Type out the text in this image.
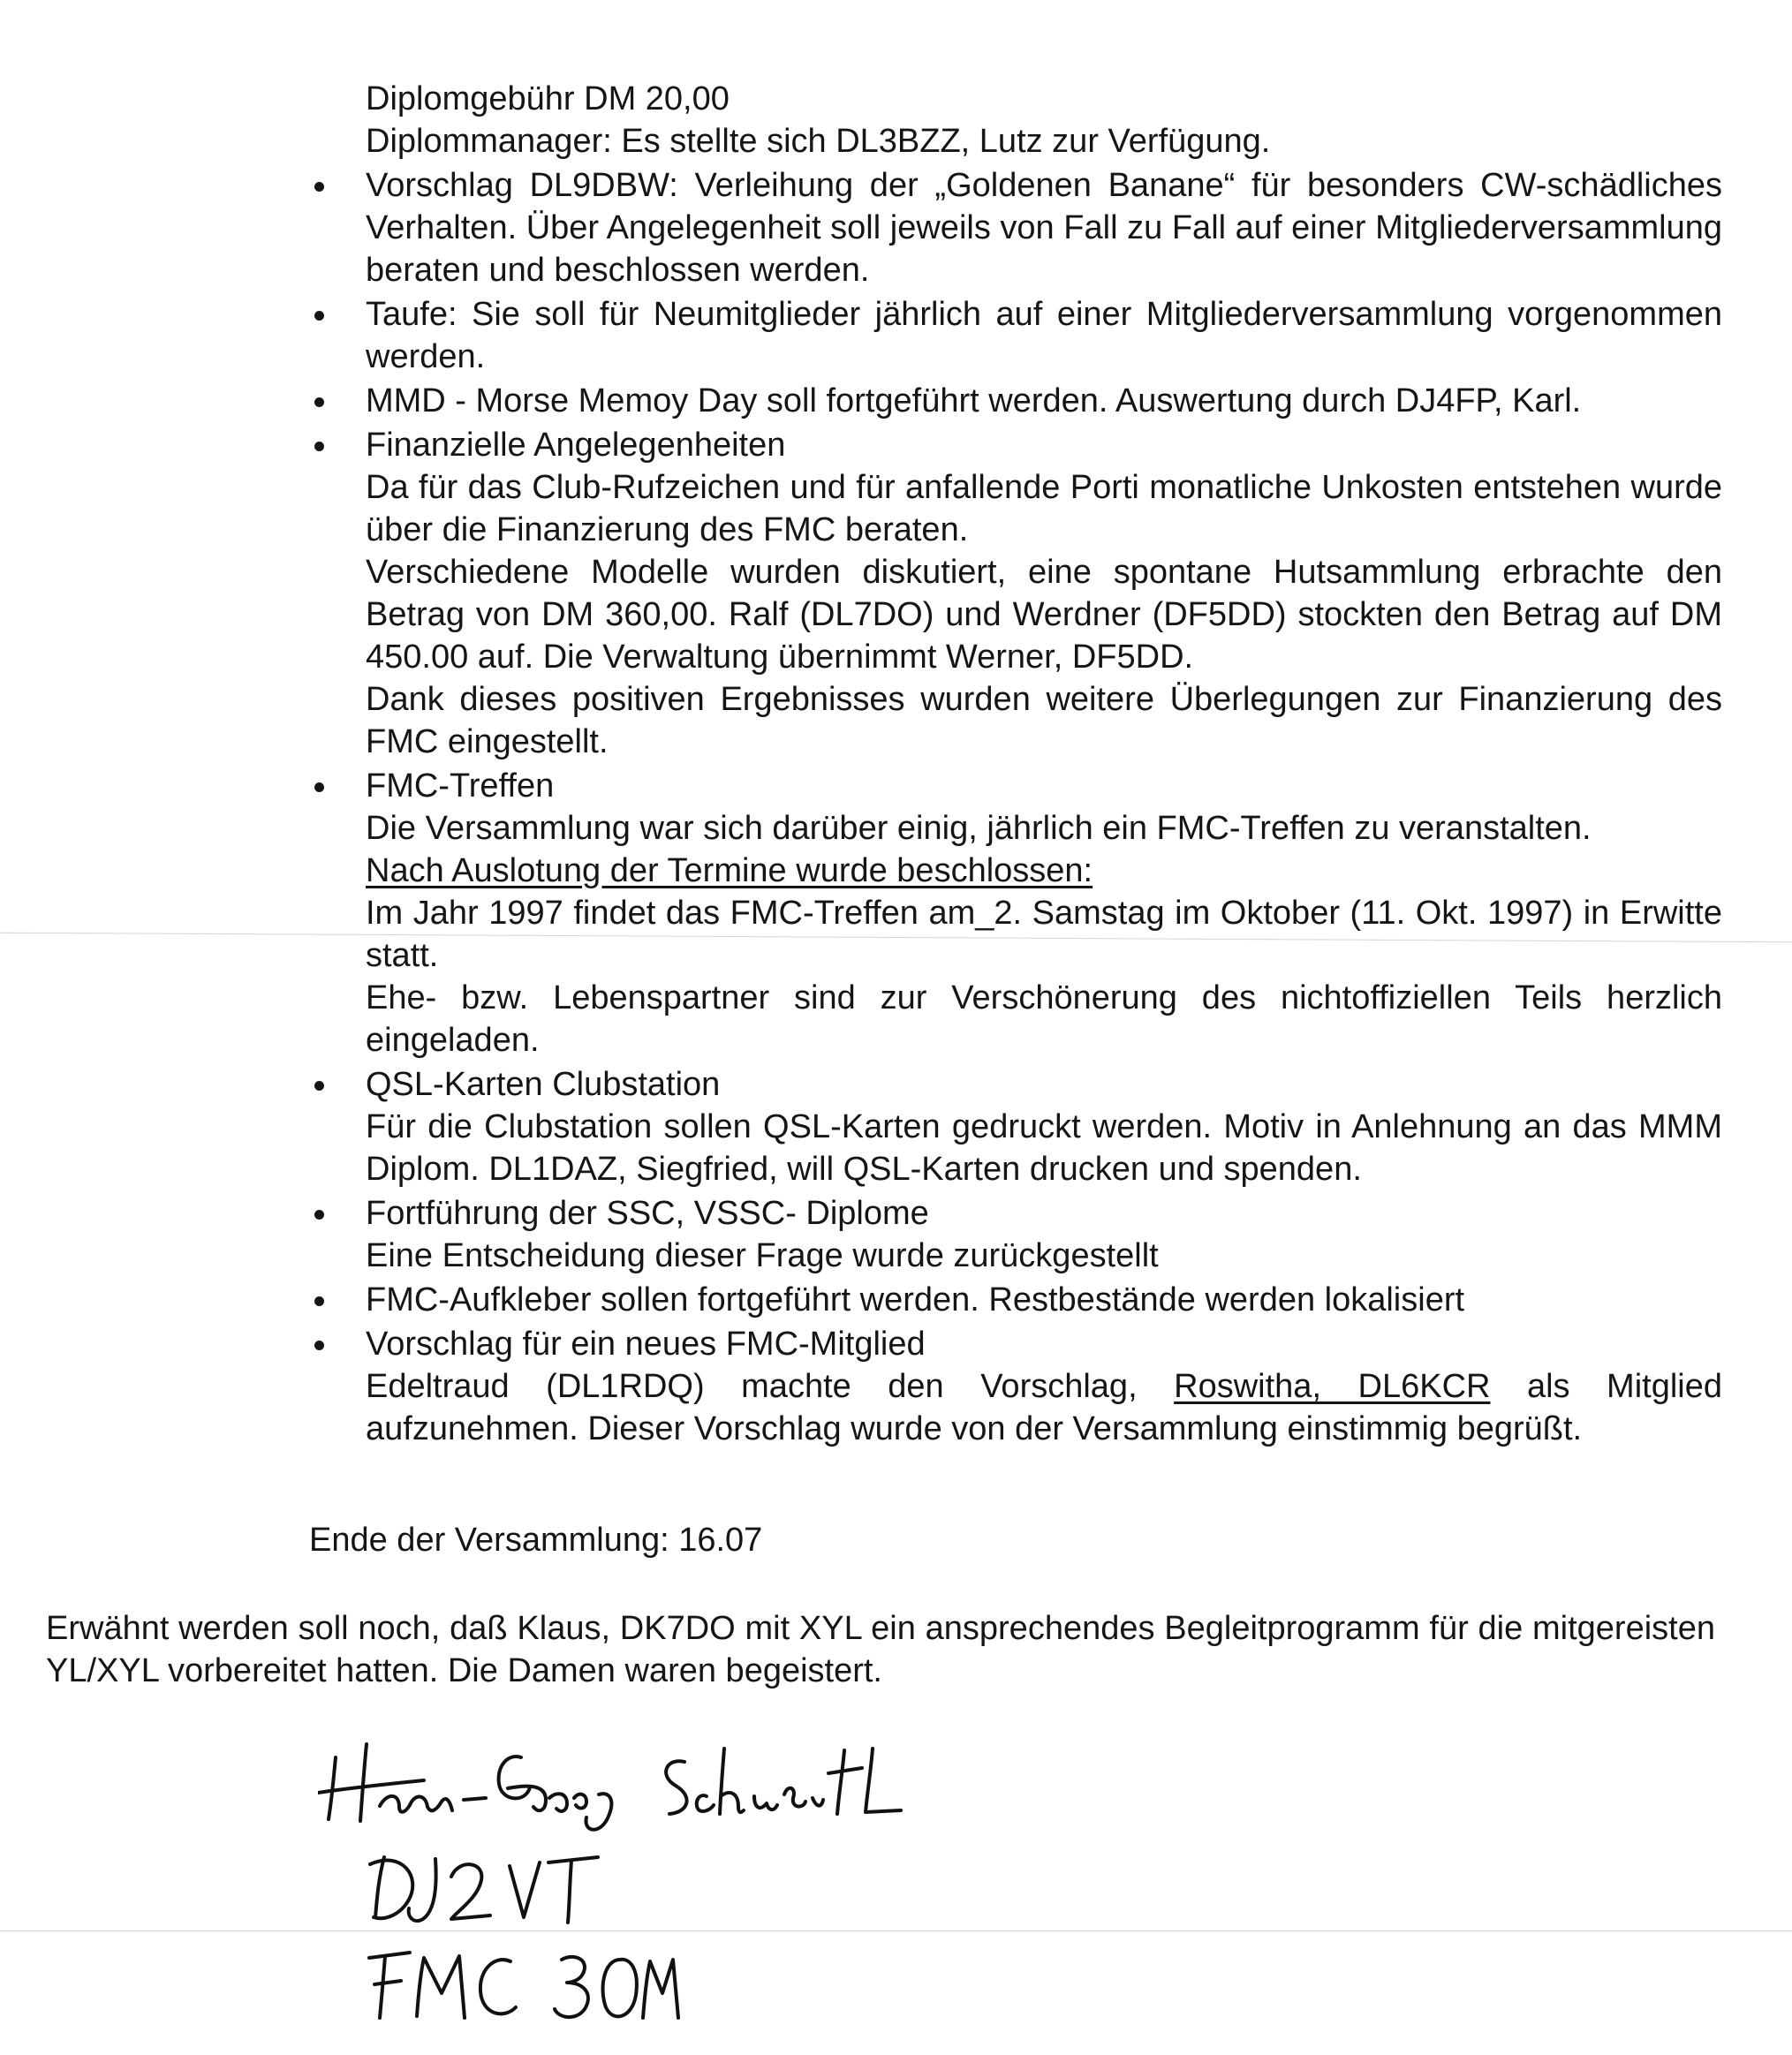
Diplomgebühr DM 20,00

Diplommanager: Es stellte sich DL3BZZ, Lutz zur Verfügung.

Vorschlag DL9DBW: Verleihung der „Goldenen Banane“ für besonders CW-schädliches Verhalten. Über Angelegenheit soll jeweils von Fall zu Fall auf einer Mitgliederversammlung beraten und beschlossen werden.
Taufe: Sie soll für Neumitglieder jährlich auf einer Mitgliederversammlung vorgenommen werden.
MMD - Morse Memoy Day soll fortgeführt werden. Auswertung durch DJ4FP, Karl.
Finanzielle Angelegenheiten
Da für das Club-Rufzeichen und für anfallende Porti monatliche Unkosten entstehen wurde über die Finanzierung des FMC beraten.
Verschiedene Modelle wurden diskutiert, eine spontane Hutsammlung erbrachte den Betrag von DM 360,00. Ralf (DL7DO) und Werdner (DF5DD) stockten den Betrag auf DM 450.00 auf. Die Verwaltung übernimmt Werner, DF5DD.
Dank dieses positiven Ergebnisses wurden weitere Überlegungen zur Finanzierung des FMC eingestellt.
FMC-Treffen
Die Versammlung war sich darüber einig, jährlich ein FMC-Treffen zu veranstalten.
Nach Auslotung der Termine wurde beschlossen:
Im Jahr 1997 findet das FMC-Treffen am_2. Samstag im Oktober (11. Okt. 1997) in Erwitte statt.
Ehe- bzw. Lebenspartner sind zur Verschönerung des nichtoffiziellen Teils herzlich eingeladen.
QSL-Karten Clubstation
Für die Clubstation sollen QSL-Karten gedruckt werden. Motiv in Anlehnung an das MMM Diplom. DL1DAZ, Siegfried, will QSL-Karten drucken und spenden.
Fortführung der SSC, VSSC- Diplome
Eine Entscheidung dieser Frage wurde zurückgestellt
FMC-Aufkleber sollen fortgeführt werden. Restbestände werden lokalisiert
Vorschlag für ein neues FMC-Mitglied
Edeltraud (DL1RDQ) machte den Vorschlag, Roswitha, DL6KCR als Mitglied aufzunehmen. Dieser Vorschlag wurde von der Versammlung einstimmig begrüßt.
Ende der Versammlung: 16.07
Erwähnt werden soll noch, daß Klaus, DK7DO mit XYL ein ansprechendes Begleitprogramm für die mitgereisten YL/XYL vorbereitet hatten. Die Damen waren begeistert.
